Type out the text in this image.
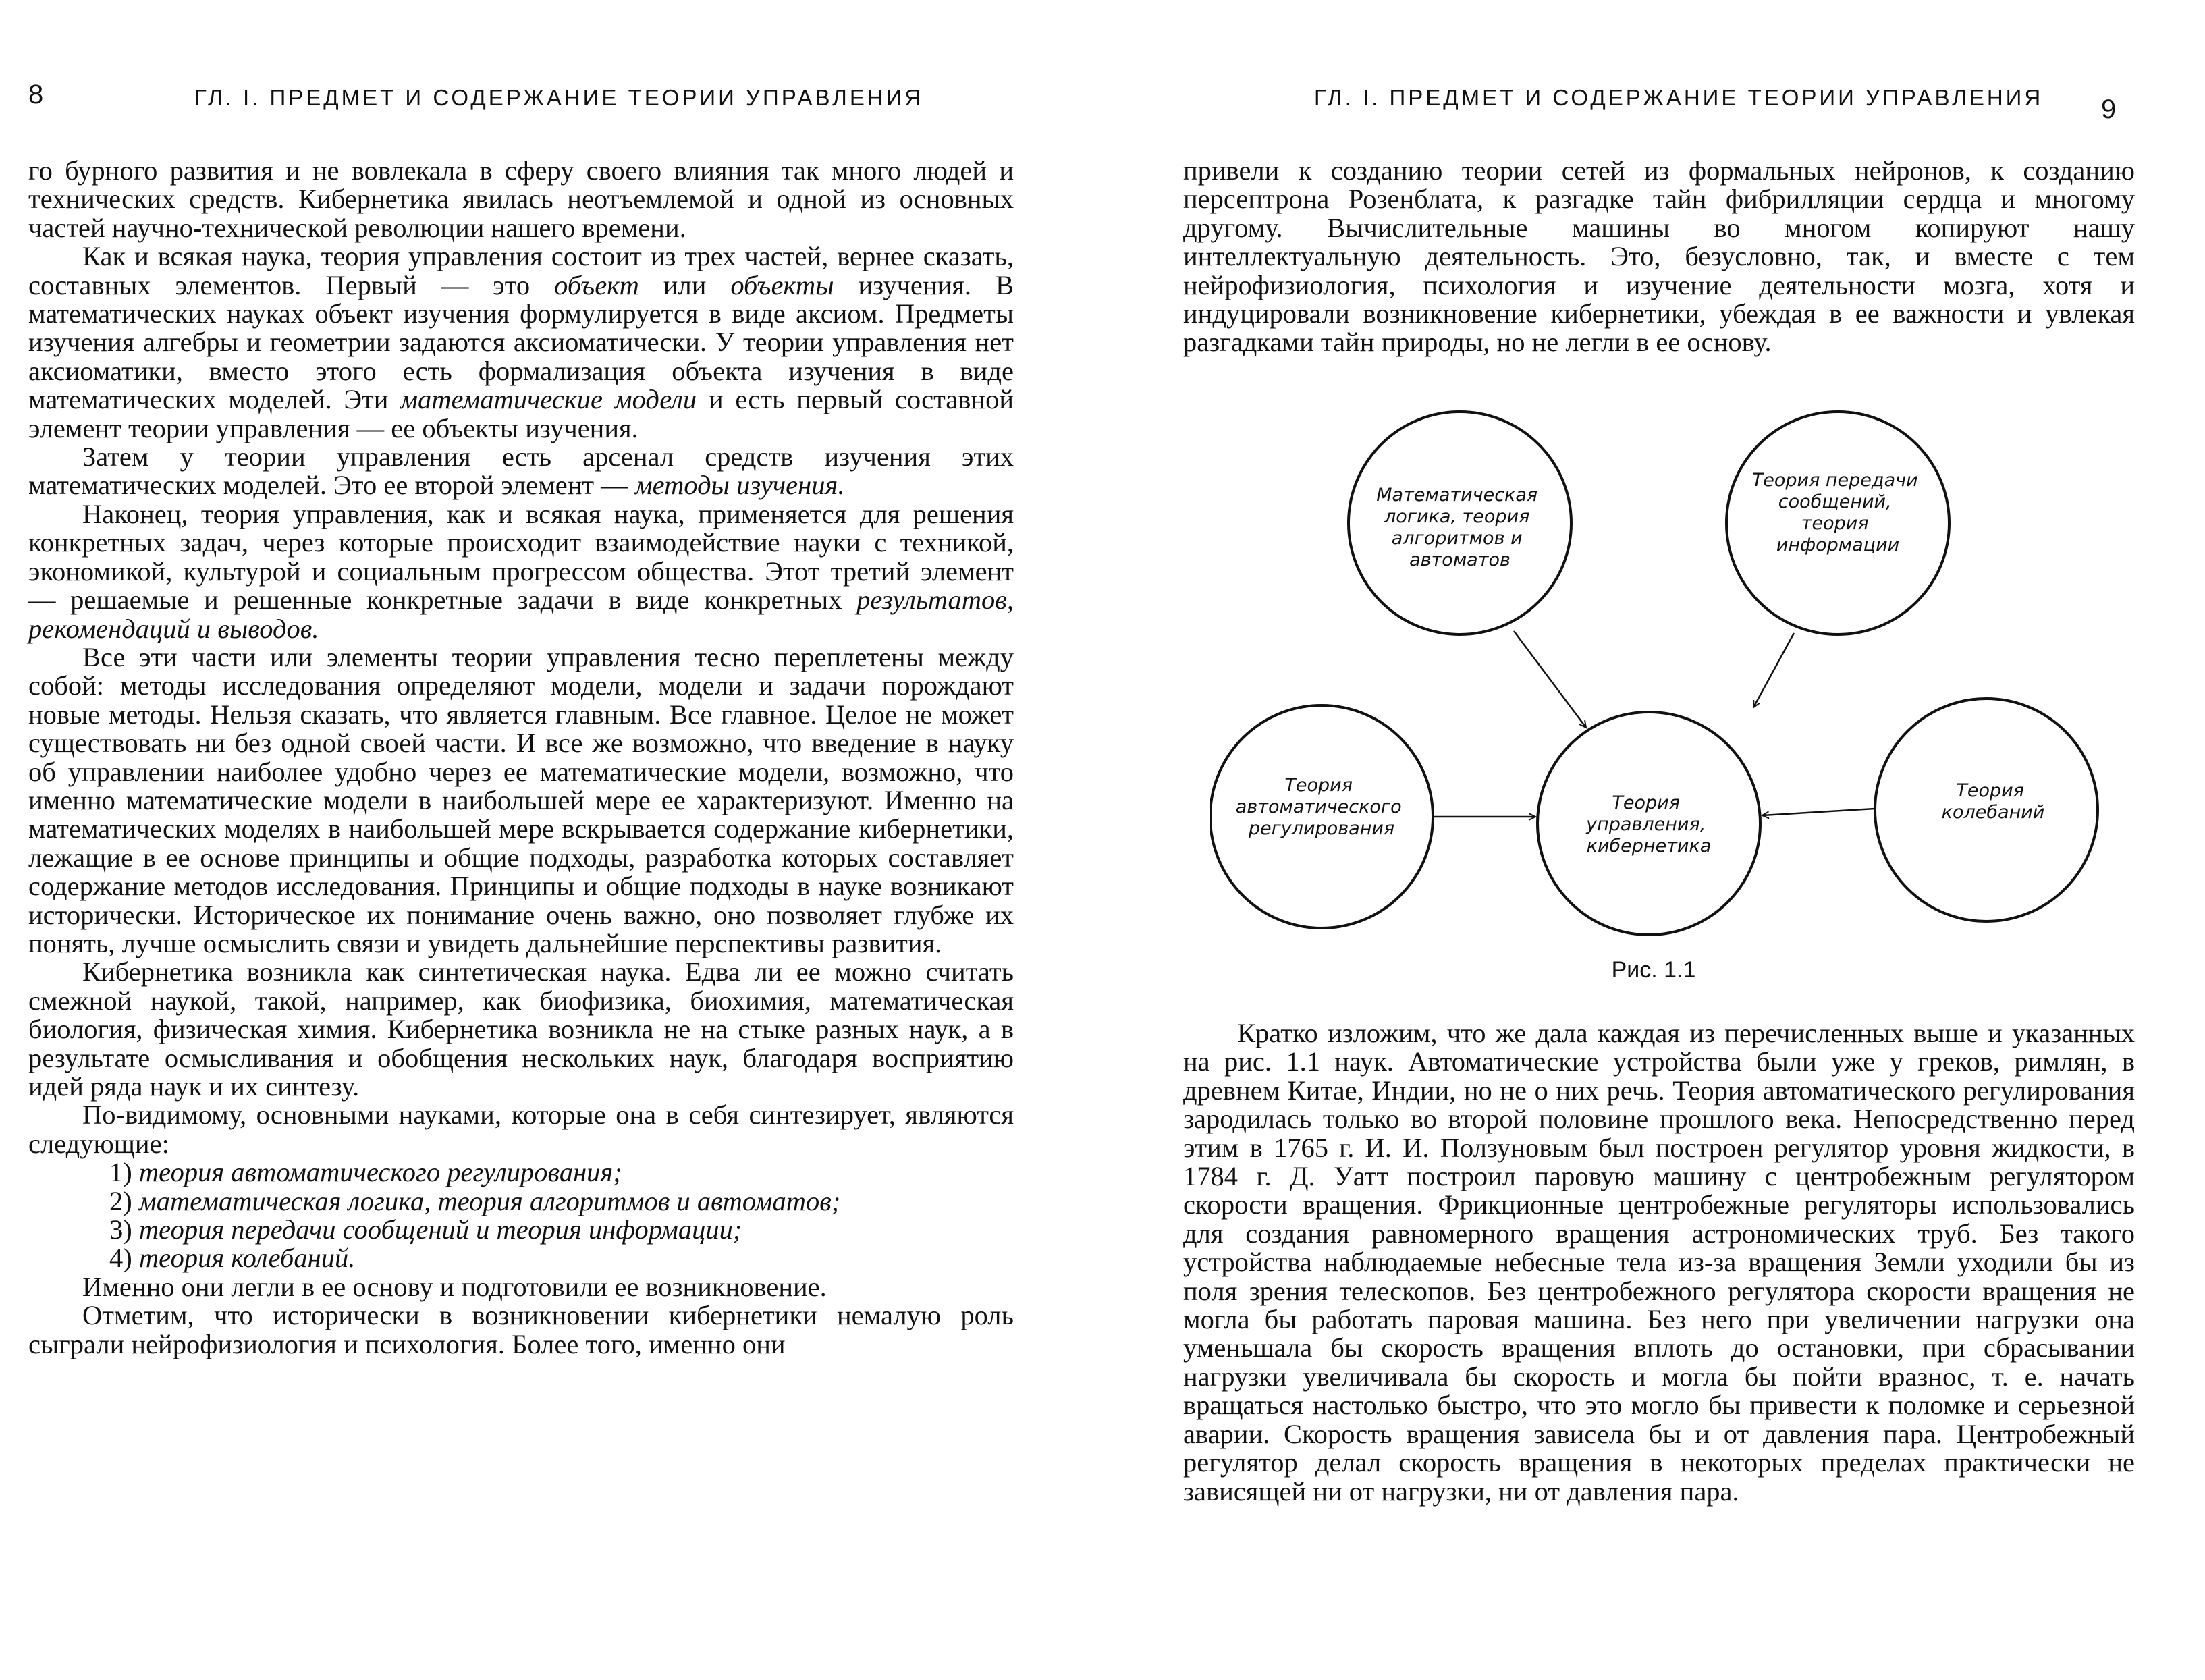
8	ГЛ. I. ПРЕДМЕТ И СОДЕРЖАНИЕ ТЕОРИИ УПРАВЛЕНИЯ

го бурного развития и не вовлекала в сферу своего влияния так много людей и технических средств. Кибернетика явилась неотъемлемой и одной из основных частей научно-технической революции нашего времени.

Как и всякая наука, теория управления состоит из трех частей, вернее сказать, составных элементов. Первый — это объект или объекты изучения. В математических науках объект изучения формулируется в виде аксиом. Предметы изучения алгебры и геометрии задаются аксиоматически. У теории управления нет аксиоматики, вместо этого есть формализация объекта изучения в виде математических моделей. Эти математические модели и есть первый составной элемент теории управления — ее объекты изучения.

Затем у теории управления есть арсенал средств изучения этих математических моделей. Это ее второй элемент — методы изучения.

Наконец, теория управления, как и всякая наука, применяется для решения конкретных задач, через которые происходит взаимодействие науки с техникой, экономикой, культурой и социальным прогрессом общества. Этот третий элемент — решаемые и решенные конкретные задачи в виде конкретных результатов, рекомендаций и выводов.

Все эти части или элементы теории управления тесно переплетены между собой: методы исследования определяют модели, модели и задачи порождают новые методы. Нельзя сказать, что является главным. Все главное. Целое не может существовать ни без одной своей части. И все же возможно, что введение в науку об управлении наиболее удобно через ее математические модели, возможно, что именно математические модели в наибольшей мере ее характеризуют. Именно на математических моделях в наибольшей мере вскрывается содержание кибернетики, лежащие в ее основе принципы и общие подходы, разработка которых составляет содержание методов исследования. Принципы и общие подходы в науке возникают исторически. Историческое их понимание очень важно, оно позволяет глубже их понять, лучше осмыслить связи и увидеть дальнейшие перспективы развития.

Кибернетика возникла как синтетическая наука. Едва ли ее можно считать смежной наукой, такой, например, как биофизика, биохимия, математическая биология, физическая химия. Кибернетика возникла не на стыке разных наук, а в результате осмысливания и обобщения нескольких наук, благодаря восприятию идей ряда наук и их синтезу.

По-видимому, основными науками, которые она в себя синтезирует, являются следующие:

1) теория автоматического регулирования;
2) математическая логика, теория алгоритмов и автоматов;
3) теория передачи сообщений и теория информации;
4) теория колебаний.

Именно они легли в ее основу и подготовили ее возникновение.

Отметим, что исторически в возникновении кибернетики немалую роль сыграли нейрофизиология и психология. Более того, именно они

ГЛ. I. ПРЕДМЕТ И СОДЕРЖАНИЕ ТЕОРИИ УПРАВЛЕНИЯ 9

привели к созданию теории сетей из формальных нейронов, к созданию персептрона Розенблата, к разгадке тайн фибрилляции сердца и многому другому. Вычислительные машины во многом копируют нашу интеллектуальную деятельность. Это, безусловно, так, и вместе с тем нейрофизиология, психология и изучение деятельности мозга, хотя и индуцировали возникновение кибернетики, убеждая в ее важности и увлекая разгадками тайн природы, но не легли в ее основу.

Математическая логика, теория алгоритмов и автоматов
Теория передачи сообщений, теория информации
Теория автоматического регулирования
Теория управления, кибернетика
Теория колебаний
Рис. 1.1

Кратко изложим, что же дала каждая из перечисленных выше и указанных на рис. 1.1 наук. Автоматические устройства были уже у греков, римлян, в древнем Китае, Индии, но не о них речь. Теория автоматического регулирования зародилась только во второй половине прошлого века. Непосредственно перед этим в 1765 г. И. И. Ползуновым был построен регулятор уровня жидкости, в 1784 г. Д. Уатт построил паровую машину с центробежным регулятором скорости вращения. Фрикционные центробежные регуляторы использовались для создания равномерного вращения астрономических труб. Без такого устройства наблюдаемые небесные тела из-за вращения Земли уходили бы из поля зрения телескопов. Без центробежного регулятора скорости вращения не могла бы работать паровая машина. Без него при увеличении нагрузки она уменьшала бы скорость вращения вплоть до остановки, при сбрасывании нагрузки увеличивала бы скорость и могла бы пойти вразнос, т. е. начать вращаться настолько быстро, что это могло бы привести к поломке и серьезной аварии. Скорость вращения зависела бы и от давления пара. Центробежный регулятор делал скорость вращения в некоторых пределах практически не зависящей ни от нагрузки, ни от давления пара.
